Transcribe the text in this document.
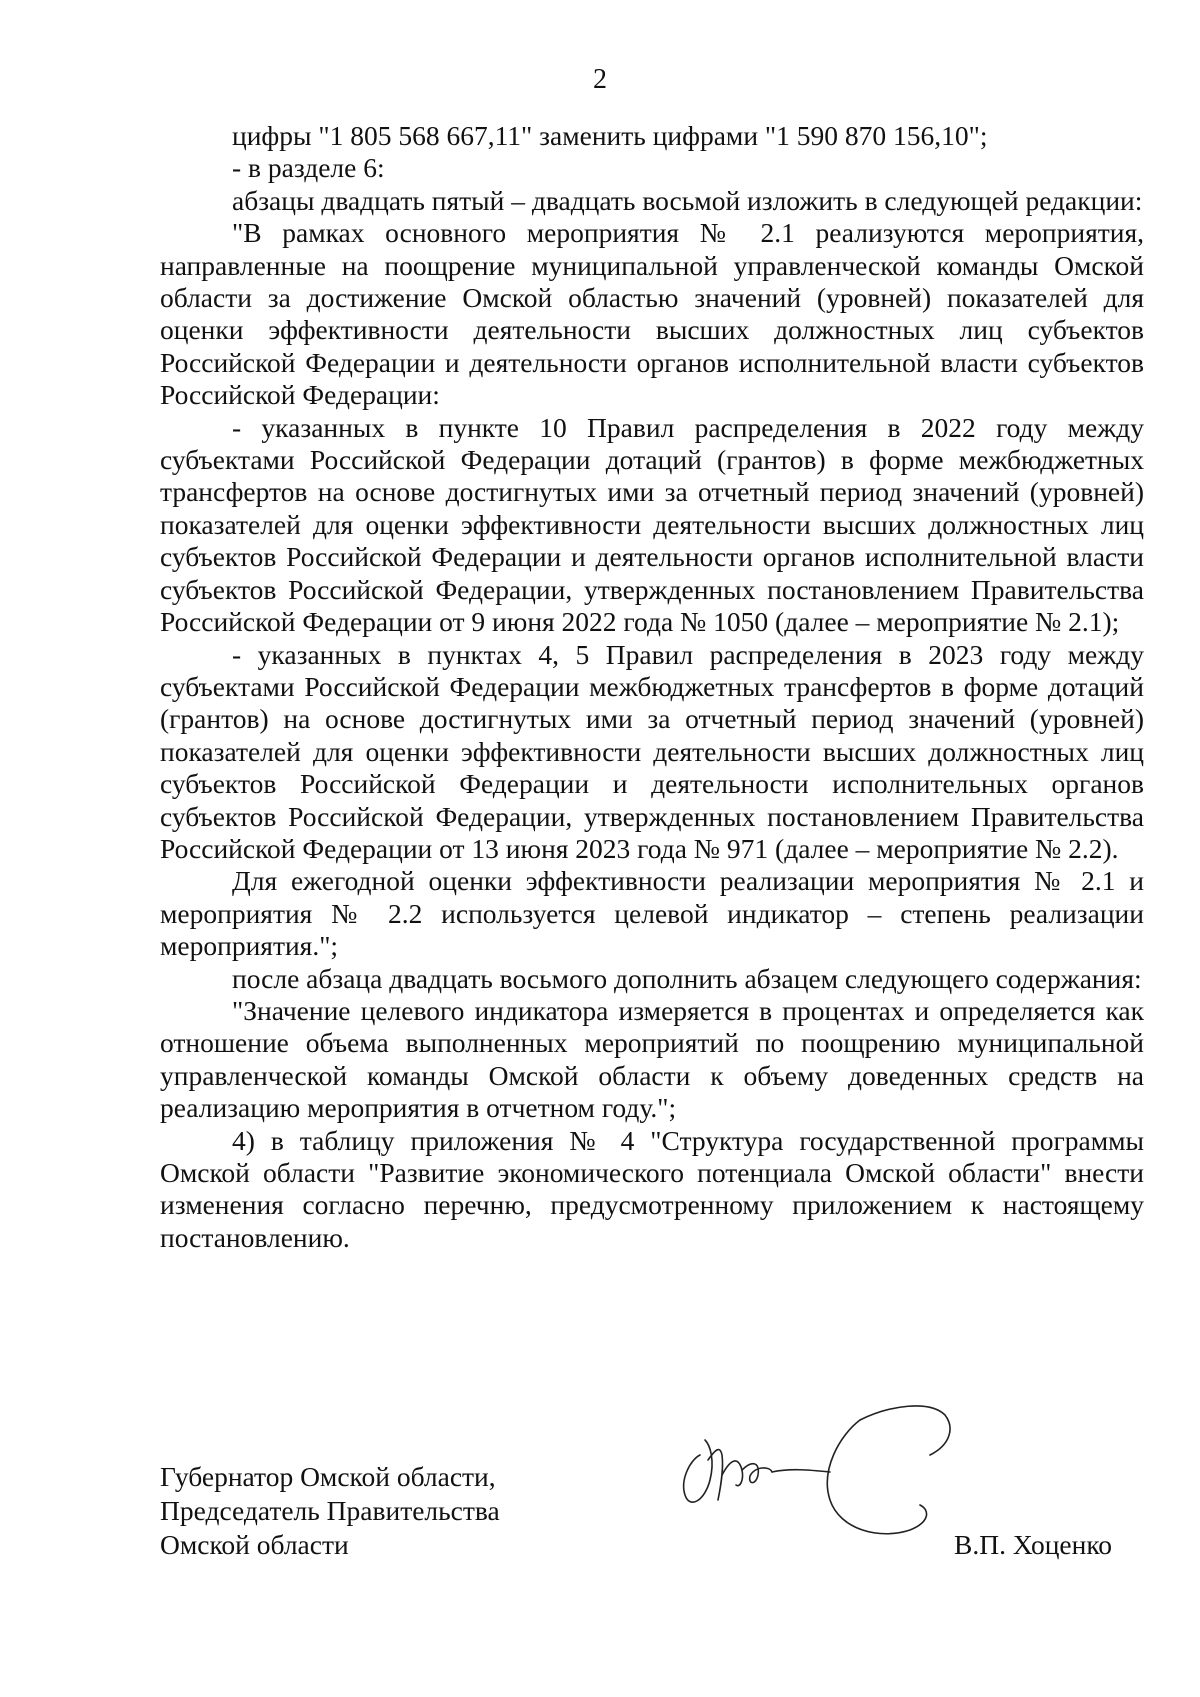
2

цифры "1 805 568 667,11" заменить цифрами "1 590 870 156,10";

- в разделе 6:

абзацы двадцать пятый – двадцать восьмой изложить в следующей редакции:

"В рамках основного мероприятия № 2.1 реализуются мероприятия, направленные на поощрение муниципальной управленческой команды Омской области за достижение Омской областью значений (уровней) показателей для оценки эффективности деятельности высших должностных лиц субъектов Российской Федерации и деятельности органов исполнительной власти субъектов Российской Федерации:

- указанных в пункте 10 Правил распределения в 2022 году между субъектами Российской Федерации дотаций (грантов) в форме межбюджетных трансфертов на основе достигнутых ими за отчетный период значений (уровней) показателей для оценки эффективности деятельности высших должностных лиц субъектов Российской Федерации и деятельности органов исполнительной власти субъектов Российской Федерации, утвержденных постановлением Правительства Российской Федерации от 9 июня 2022 года № 1050 (далее – мероприятие № 2.1);

- указанных в пунктах 4, 5 Правил распределения в 2023 году между субъектами Российской Федерации межбюджетных трансфертов в форме дотаций (грантов) на основе достигнутых ими за отчетный период значений (уровней) показателей для оценки эффективности деятельности высших должностных лиц субъектов Российской Федерации и деятельности исполнительных органов субъектов Российской Федерации, утвержденных постановлением Правительства Российской Федерации от 13 июня 2023 года № 971 (далее – мероприятие № 2.2).

Для ежегодной оценки эффективности реализации мероприятия № 2.1 и мероприятия № 2.2 используется целевой индикатор – степень реализации мероприятия.";

после абзаца двадцать восьмого дополнить абзацем следующего содержания:

"Значение целевого индикатора измеряется в процентах и определяется как отношение объема выполненных мероприятий по поощрению муниципальной управленческой команды Омской области к объему доведенных средств на реализацию мероприятия в отчетном году.";

4) в таблицу приложения № 4 "Структура государственной программы Омской области "Развитие экономического потенциала Омской области" внести изменения согласно перечню, предусмотренному приложением к настоящему постановлению.

Губернатор Омской области,
Председатель Правительства
Омской области	В.П. Хоценко
